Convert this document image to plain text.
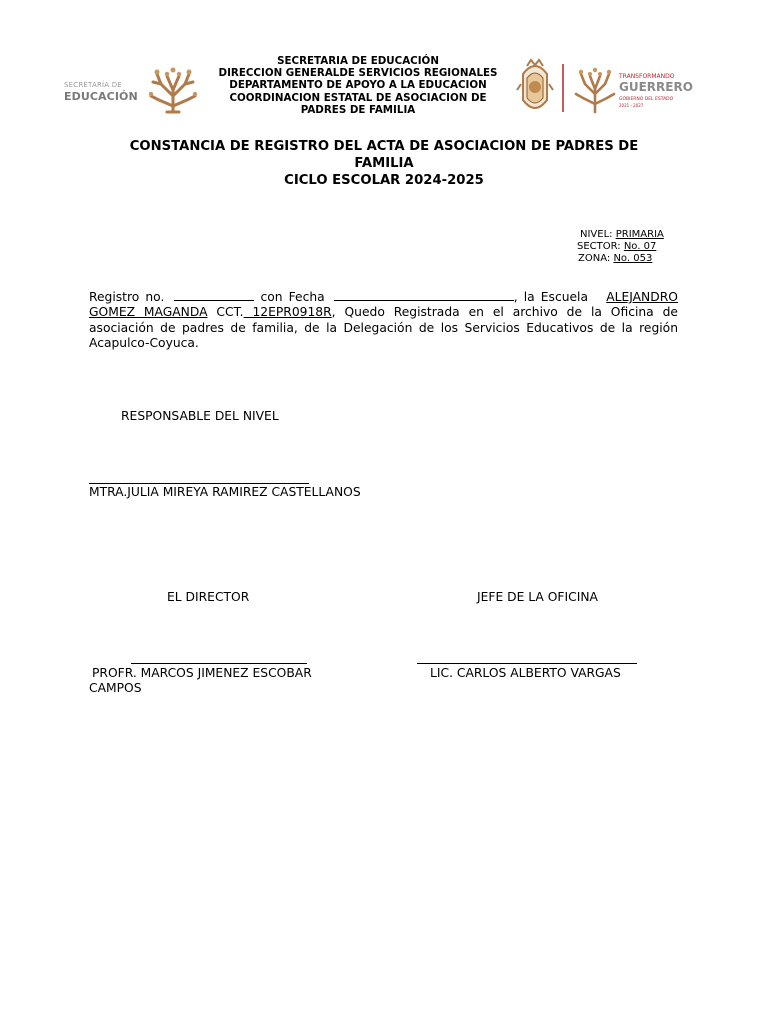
SECRETARÍA DE
EDUCACIÓN
SECRETARIA DE EDUCACIÓN
DIRECCION GENERALDE SERVICIOS REGIONALES
DEPARTAMENTO DE APOYO A LA EDUCACION
COORDINACION ESTATAL DE ASOCIACION DE
PADRES DE FAMILIA
TRANSFORMANDO
GUERRERO
GOBIERNO DEL ESTADO
2021 - 2027
CONSTANCIA DE REGISTRO DEL ACTA DE ASOCIACION DE PADRES DE
FAMILIA
CICLO ESCOLAR 2024-2025
NIVEL: PRIMARIA
SECTOR: No. 07
ZONA: No. 053
Registro no.	con Fecha	, la Escuela ALEJANDRO GOMEZ MAGANDA CCT. 12EPR0918R, Quedo Registrada en el archivo de la Oficina de asociación de padres de familia, de la Delegación de los Servicios Educativos de la región Acapulco-Coyuca.
RESPONSABLE DEL NIVEL
MTRA.JULIA MIREYA RAMIREZ CASTELLANOS
EL DIRECTOR
PROFR. MARCOS JIMENEZ ESCOBAR
CAMPOS
JEFE DE LA OFICINA
LIC. CARLOS ALBERTO VARGAS
